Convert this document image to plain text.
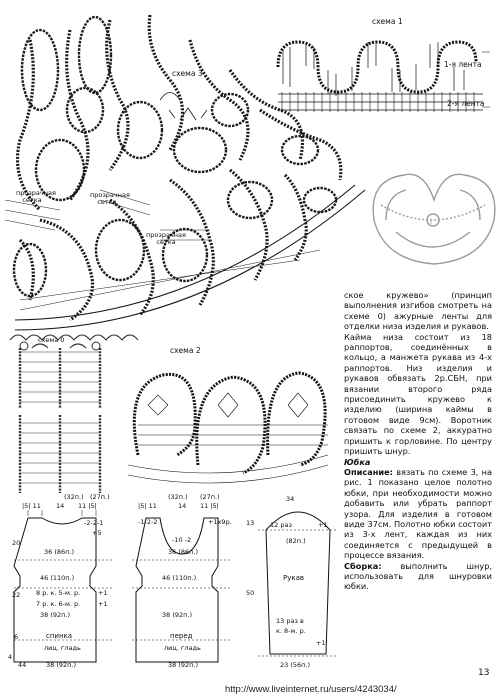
схема 3
прозрачная сетка
прозрачная сетка
прозрачная сетка
схема 1
1-я лента
2-я лента
i
схема 0
схема 2

ское кружево» (принцип выполнения изгибов смотреть на схеме 0) ажурные ленты для отделки низа изделия и рукавов.

Кайма низа состоит из 18 раппортов, соединённых в кольцо, а манжета рукава из 4-х раппортов. Низ изделия и рукавов обвязать 2р.СБН, при вязании второго ряда присоединить кружево к изделию (ширина каймы в готовом виде 9см). Воротник связать по схеме 2, аккуратно пришить к горловине. По центру пришить шнур.

Юбка

Описание: вязать по схеме 3, на рис. 1 показано целое полотно юбки, при необходимости можно добавить или убрать раппорт узора. Для изделия в готовом виде 37см. Полотно юбки состоит из 3-х лент, каждая из них соединяется с предыдущей в процессе вязания.

Сборка: выполнить шнур, использовать для шнуровки юбки.

|5| 11 14 11 |5|
(32п.) (27п.)
-2-2-1
+5
20
36 (86п.)
46 (110п.)
22 8 р. к. 5-м. р.
7 р. к. 6-м. р.
+1
+1
38 (92п.)
6	спинка
лиц. гладь
4
44	38 (92п.)
|5| 11	14 11 |5|
(32п.) (27п.)
-10 -2
+1x9р.
-1-2-2
36 (86п.)
46 (110п.)
38 (92п.)
перед
лиц. гладь
38 (92п.)
34
13 12 раз	+1
(82п.)
Рукав
50
13 раз в
к. 8-м. р.
+1
23 (56п.)
13
http://www.liveinternet.ru/users/4243034/
